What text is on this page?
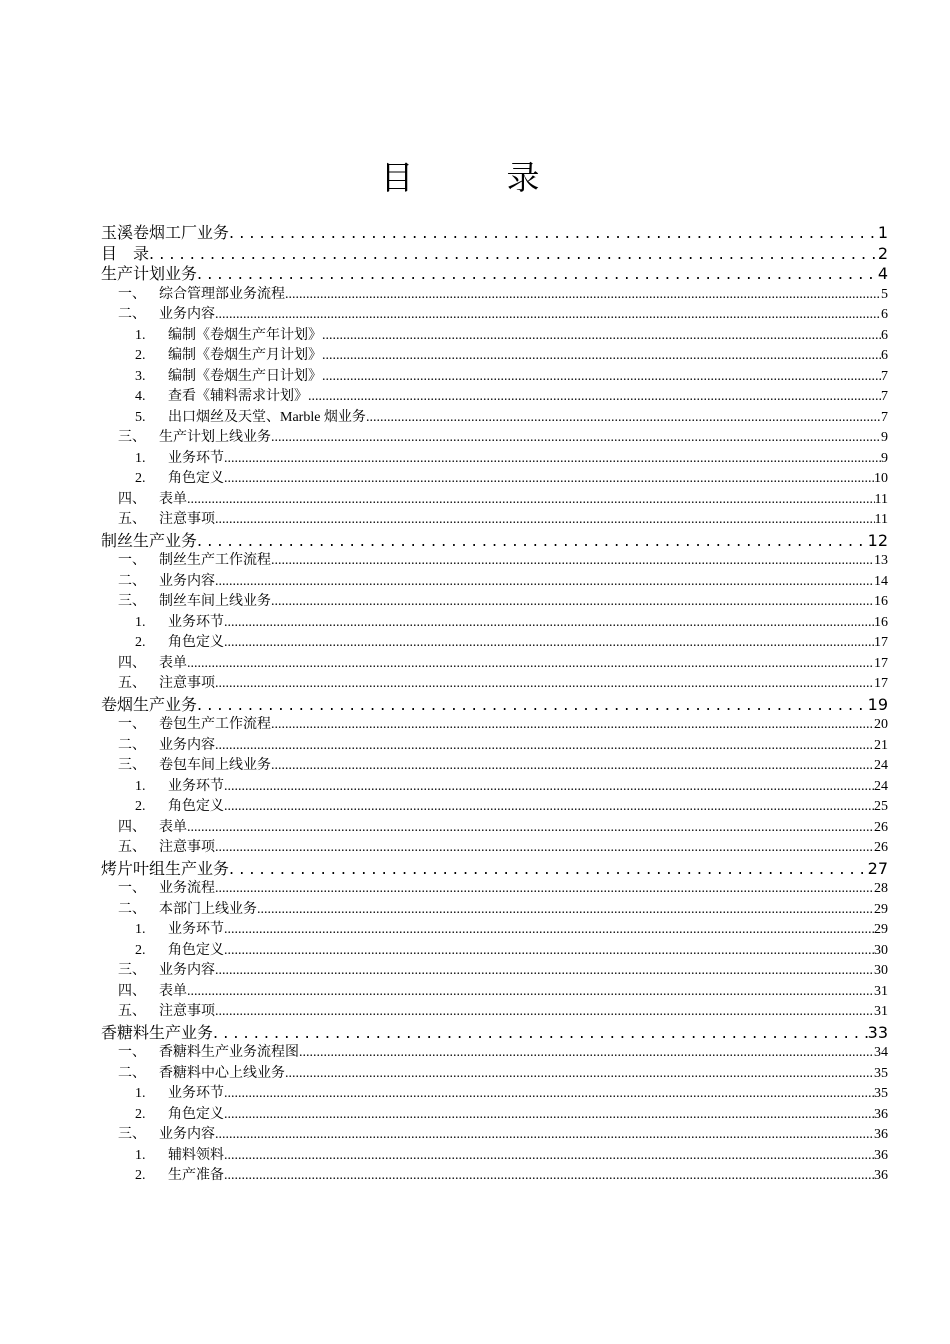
目　录
玉溪卷烟工厂业务 . . .	1
目　录 . . .	2
生产计划业务 . . .	4
一、 综合管理部业务流程 .....	5
二、 业务内容 .....	6
1.	编制《卷烟生产年计划》 .....	6
2.	编制《卷烟生产月计划》 .....	6
3.	编制《卷烟生产日计划》 .....	7
4.	查看《辅料需求计划》 .....	7
5.	出口烟丝及天堂、Marble 烟业务 .....	7
三、 生产计划上线业务 .....	9
1.	业务环节 .....	9
2.	角色定义 .....	10
四、 表单 .....	11
五、 注意事项 .....	11
制丝生产业务 . . .	12
一、 制丝生产工作流程 .....	13
二、 业务内容 .....	14
三、 制丝车间上线业务 .....	16
1.	业务环节 .....	16
2.	角色定义 .....	17
四、 表单 .....	17
五、 注意事项 .....	17
卷烟生产业务 . . .	19
一、 卷包生产工作流程 .....	20
二、 业务内容 .....	21
三、 卷包车间上线业务 .....	24
1.	业务环节 .....	24
2.	角色定义 .....	25
四、 表单 .....	26
五、 注意事项 .....	26
烤片叶组生产业务 . . .	27
一、 业务流程 .....	28
二、 本部门上线业务 .....	29
1.	业务环节 .....	29
2.	角色定义 .....	30
三、 业务内容 .....	30
四、 表单 .....	31
五、 注意事项 .....	31
香糖料生产业务 . . .	33
一、 香糖料生产业务流程图 .....	34
二、 香糖料中心上线业务 .....	35
1.	业务环节 .....	35
2.	角色定义 .....	36
三、 业务内容 .....	36
1.	辅料领料 .....	36
2.	生产准备 .....	36
